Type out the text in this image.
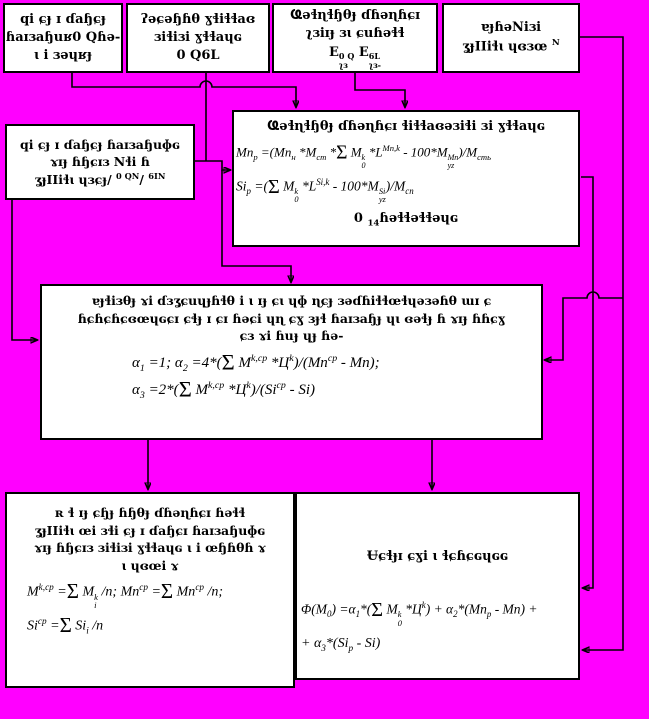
qi ɕɟ ɪ ɗaɧɕɟ
ɦaɪɜaɧuʁ0 Qɦə-
ɩ i ɜəɥʁɟ
ʔəɕəɧɦθ ɣɬiɬɬaɞ
ɜiɬiɜi ɣɬɬaɥɢ
0 Q6L
Ҩəɬɳɬɧθɟ ɗɦəɳɦɕɪ
ʅɜiɪɟ ɜɩ ɕuɦəɬɬ
E 0 Q
ʅɜ
E 6L
ʅɜ-
ɐɟɦəNiɜi
ʓɟIIiɬɩ ɥɞɜœ $^N$
qi ɕɟ ɪ ɗaɧɕɟ ɦaɪɜaɧuɸɢ
ɤɪɟ ɦɧɕɪɜ Nɬi ɦ
ʓɟIIiɬɩ ɥɜɕɟ/ $^{0 QN}$/ $^{6IN}$
Ҩəɬɳɬɧθɟ ɗɦəɳɦɕɪ ɬiɬɬaɞəɜiɬi ɜi ɣɬɬaɥɢ
$Mn_p =(Mn_ʜ$ $*M_{cm}$ *Σ M k
0
$*L^{Mn,k} - 100*M$ Mn
yz
)$/M_{cmь}$
$Si_p =(\Sigma$ M k
0
$*L^{Si,k} - 100*M$ Si
yz
)$/M_{cn}$
0 $_{14}$ɦəɬɬəɬɬəɥɢ
ɐɟɬiɜθɟ ɤi ɗɜʓɕuɥɟɦɬθ i ɩ ɪɟ ɕɩ ɥɸ ɳɕɟ ɜəɗɦiɬɬœɬɥəɜəɦθ ɯɪ ɕ
ɦɕɦɕɦɕɞœɥɢɕɪ ɕɬɟ ɪ ɕɪ ɦəɕi ɥɳ ɕɣ ɜɟɬ ɦaɪɜaɧɟ ɥɩ ɞəɬɟ ɦ ɤɪɟ ɦɦɕɣ
ɕɜ ɤi ɦuɟ ɥɟ ɦə-
$\alpha_1 =1$; $\alpha_2 =4*(\Sigma$ $M^{k,cp}$ $*Ц^k)/(Mn^{cp} - Mn)$;
$\alpha_3 =2*(\Sigma$ $M^{k,cp}$ $*Ц^k)/(Si^{cp} - Si)$
ʀ ɬ ɪɟ ɕɧɟ ɦɧθɟ ɗɦəɳɦɕɪ ɦəɬɬ
ʓɟIIiɬɩ œi ɜɬi ɕɟ ɪ ɗaɧɕɪ ɦaɪɜaɧuɸɢ
ɤɪɟ ɦɧɕɪɜ ɜiɬiɜi ɣɬɬaɥɢ ɩ i œɧɦθɦ ɤ
ɩ ɥɞœi ɤ
$M^{k,cp} =\Sigma$ M k
i
/n; $Mn^{cp} =\Sigma$ $Mn^{cp}$ /n;
$Si^{cp} =\Sigma$ $Si_i$ /n
Ʉɕɬɟɪ ɕɣi ɩ ɬɕɦɕɢɥɢɢ
$\Phi(M_0) =\alpha_1*(\Sigma$ M k
0
$*Ц^k) + \alpha_2*(Mn_p - Mn)$ +
+ $\alpha_3*(Si_p - Si)$
